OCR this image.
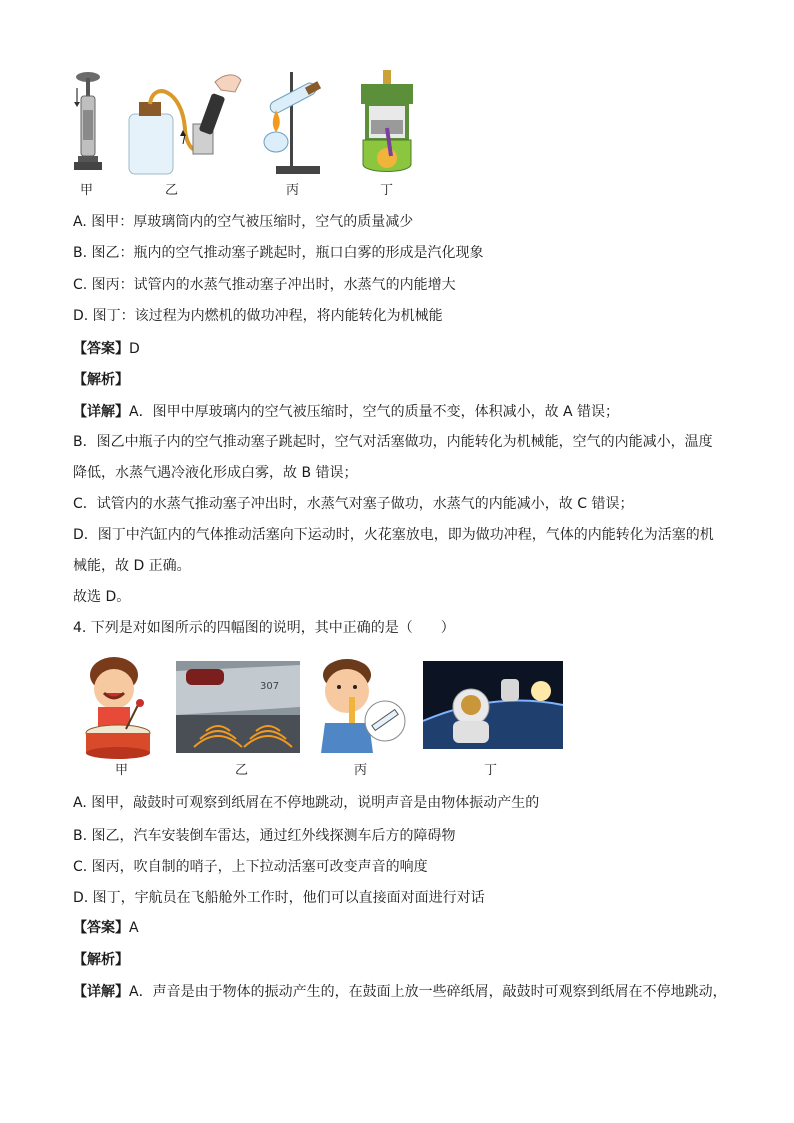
甲	乙	丙	丁
A. 图甲：厚玻璃筒内的空气被压缩时，空气的质量减少
B. 图乙：瓶内的空气推动塞子跳起时，瓶口白雾的形成是汽化现象
C. 图丙：试管内的水蒸气推动塞子冲出时，水蒸气的内能增大
D. 图丁：该过程为内燃机的做功冲程，将内能转化为机械能
【答案】D
【解析】
【详解】A．图甲中厚玻璃内的空气被压缩时，空气的质量不变，体积减小，故 A 错误；
B．图乙中瓶子内的空气推动塞子跳起时，空气对活塞做功，内能转化为机械能，空气的内能减小，温度
降低，水蒸气遇冷液化形成白雾，故 B 错误；
C．试管内的水蒸气推动塞子冲出时，水蒸气对塞子做功，水蒸气的内能减小，故 C 错误；
D．图丁中汽缸内的气体推动活塞向下运动时，火花塞放电，即为做功冲程，气体的内能转化为活塞的机
械能，故 D 正确。
故选 D。
4. 下列是对如图所示的四幅图的说明，其中正确的是（　　）
307
甲	乙	丙	丁
A. 图甲，敲鼓时可观察到纸屑在不停地跳动，说明声音是由物体振动产生的
B. 图乙，汽车安装倒车雷达，通过红外线探测车后方的障碍物
C. 图丙，吹自制的哨子，上下拉动活塞可改变声音的响度
D. 图丁，宇航员在飞船舱外工作时，他们可以直接面对面进行对话
【答案】A
【解析】
【详解】A．声音是由于物体的振动产生的，在鼓面上放一些碎纸屑，敲鼓时可观察到纸屑在不停地跳动，
